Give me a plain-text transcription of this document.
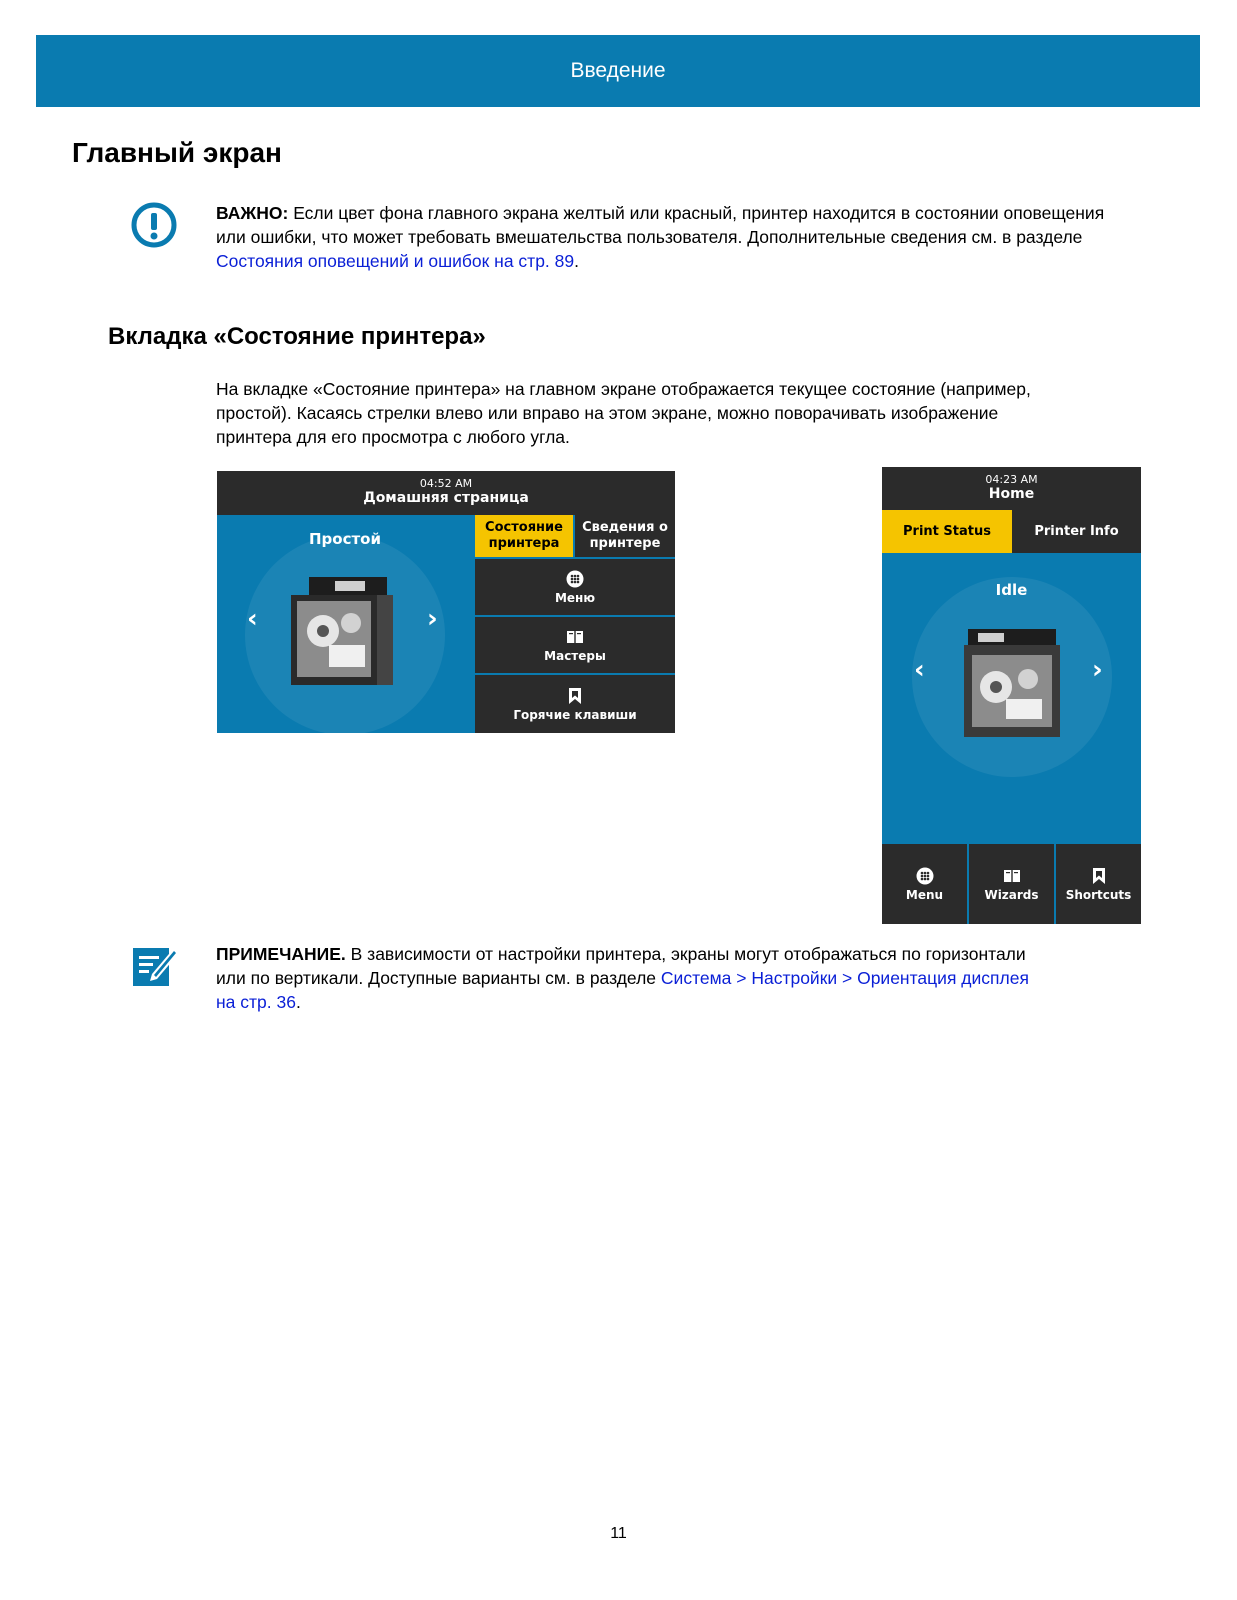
Введение
Главный экран

ВАЖНО: Если цвет фона главного экрана желтый или красный, принтер находится в состоянии оповещения или ошибки, что может требовать вмешательства пользователя. Дополнительные сведения см. в разделе Состояния оповещений и ошибок на стр. 89.

Вкладка «Состояние принтера»

На вкладке «Состояние принтера» на главном экране отображается текущее состояние (например,
простой). Касаясь стрелки влево или вправо на этом экране, можно поворачивать изображение
принтера для его просмотра с любого угла.

04:52 AM
Домашняя страница
Простой
‹	›
Состояние
принтера
Сведения о
принтере
Меню
Мастеры
Горячие клавиши
04:23 AM
Home
Print Status	Printer Info
Idle
‹	›
Menu	Wizards Shortcuts

ПРИМЕЧАНИЕ. В зависимости от настройки принтера, экраны могут отображаться по горизонтали
или по вертикали. Доступные варианты см. в разделе Система > Настройки > Ориентация дисплея
на стр. 36.

11
